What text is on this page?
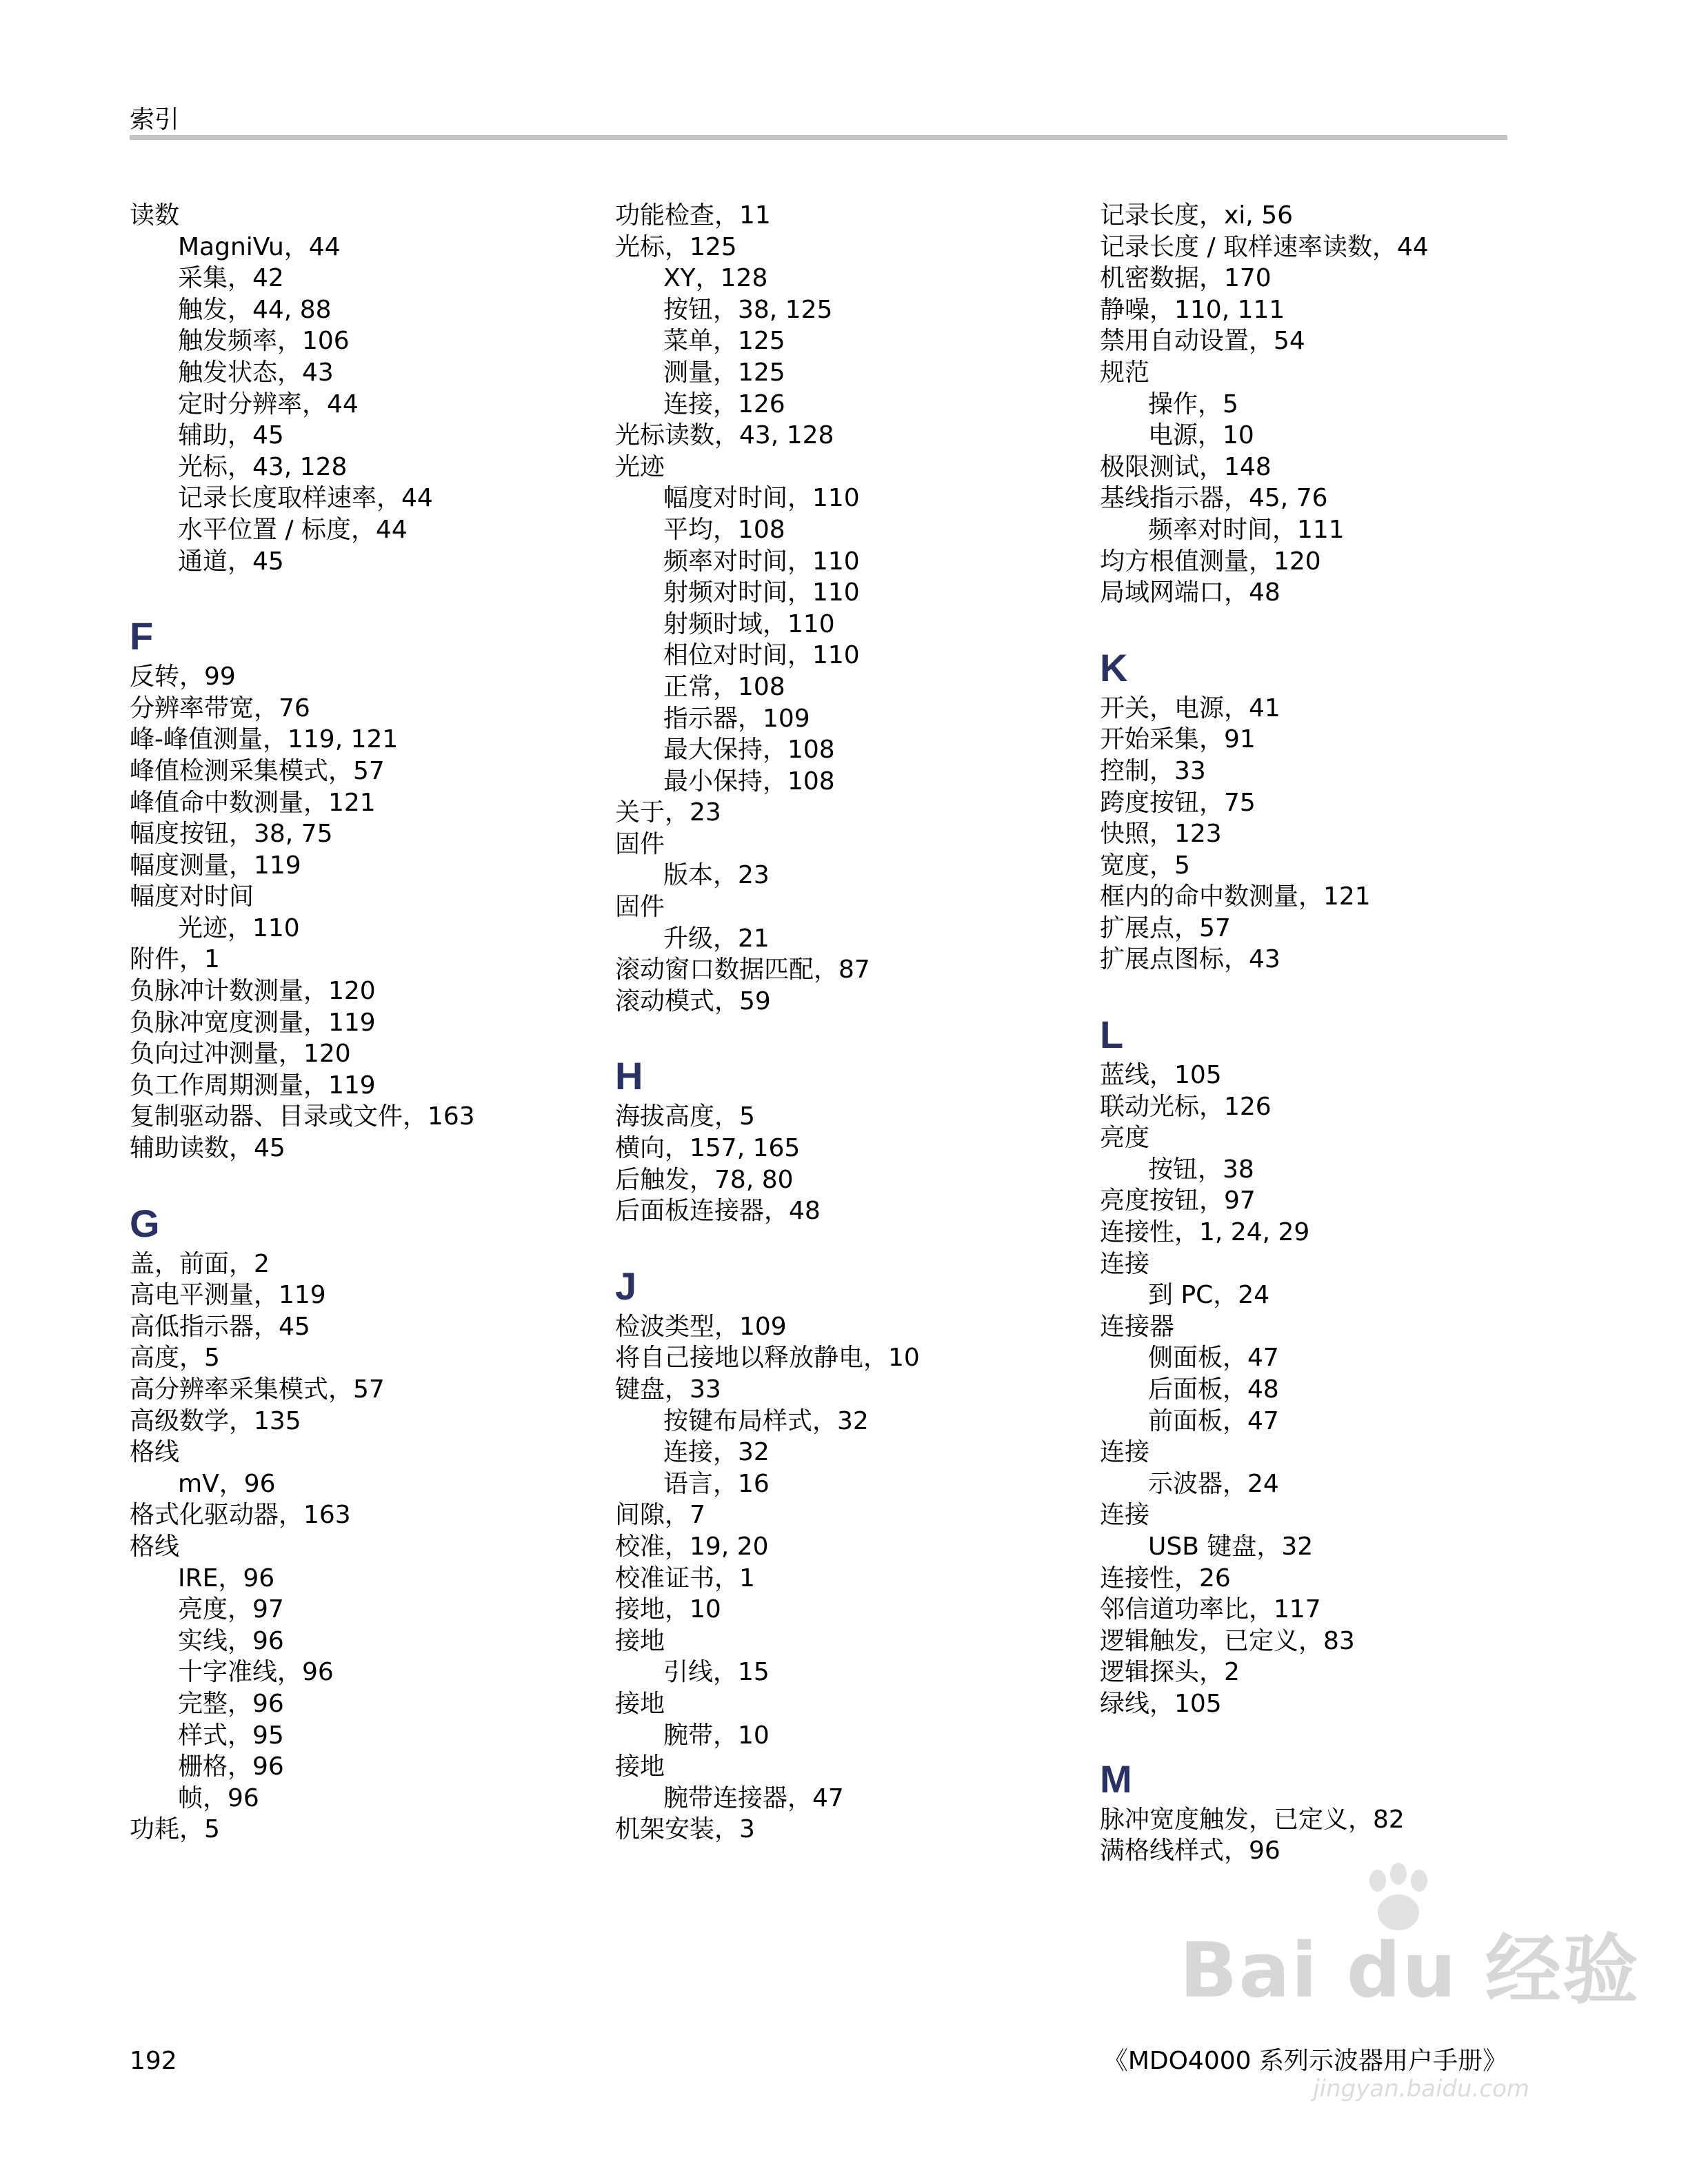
索引
读数
MagniVu，44
采集，42
触发，44, 88
触发频率，106
触发状态，43
定时分辨率，44
辅助，45
光标，43, 128
记录长度取样速率，44
水平位置 / 标度，44
通道，45
F
反转，99
分辨率带宽，76
峰-峰值测量，119, 121
峰值检测采集模式，57
峰值命中数测量，121
幅度按钮，38, 75
幅度测量，119
幅度对时间
光迹，110
附件，1
负脉冲计数测量，120
负脉冲宽度测量，119
负向过冲测量，120
负工作周期测量，119
复制驱动器、目录或文件，163
辅助读数，45
G
盖，前面，2
高电平测量，119
高低指示器，45
高度，5
高分辨率采集模式，57
高级数学，135
格线
mV，96
格式化驱动器，163
格线
IRE，96
亮度，97
实线，96
十字准线，96
完整，96
样式，95
栅格，96
帧，96
功耗，5
功能检查，11
光标，125
XY，128
按钮，38, 125
菜单，125
测量，125
连接，126
光标读数，43, 128
光迹
幅度对时间，110
平均，108
频率对时间，110
射频对时间，110
射频时域，110
相位对时间，110
正常，108
指示器，109
最大保持，108
最小保持，108
关于，23
固件
版本，23
固件
升级，21
滚动窗口数据匹配，87
滚动模式，59
H
海拔高度，5
横向，157, 165
后触发，78, 80
后面板连接器，48
J
检波类型，109
将自己接地以释放静电，10
键盘，33
按键布局样式，32
连接，32
语言，16
间隙，7
校准，19, 20
校准证书，1
接地，10
接地
引线，15
接地
腕带，10
接地
腕带连接器，47
机架安装，3
记录长度，xi, 56
记录长度 / 取样速率读数，44
机密数据，170
静噪，110, 111
禁用自动设置，54
规范
操作，5
电源，10
极限测试，148
基线指示器，45, 76
频率对时间，111
均方根值测量，120
局域网端口，48
K
开关，电源，41
开始采集，91
控制，33
跨度按钮，75
快照，123
宽度，5
框内的命中数测量，121
扩展点，57
扩展点图标，43
L
蓝线，105
联动光标，126
亮度
按钮，38
亮度按钮，97
连接性，1, 24, 29
连接
到 PC，24
连接器
侧面板，47
后面板，48
前面板，47
连接
示波器，24
连接
USB 键盘，32
连接性，26
邻信道功率比，117
逻辑触发，已定义，83
逻辑探头，2
绿线，105
M
脉冲宽度触发，已定义，82
满格线样式，96
Bai du 经验
jingyan.baidu.com
192	《MDO4000 系列示波器用户手册》
